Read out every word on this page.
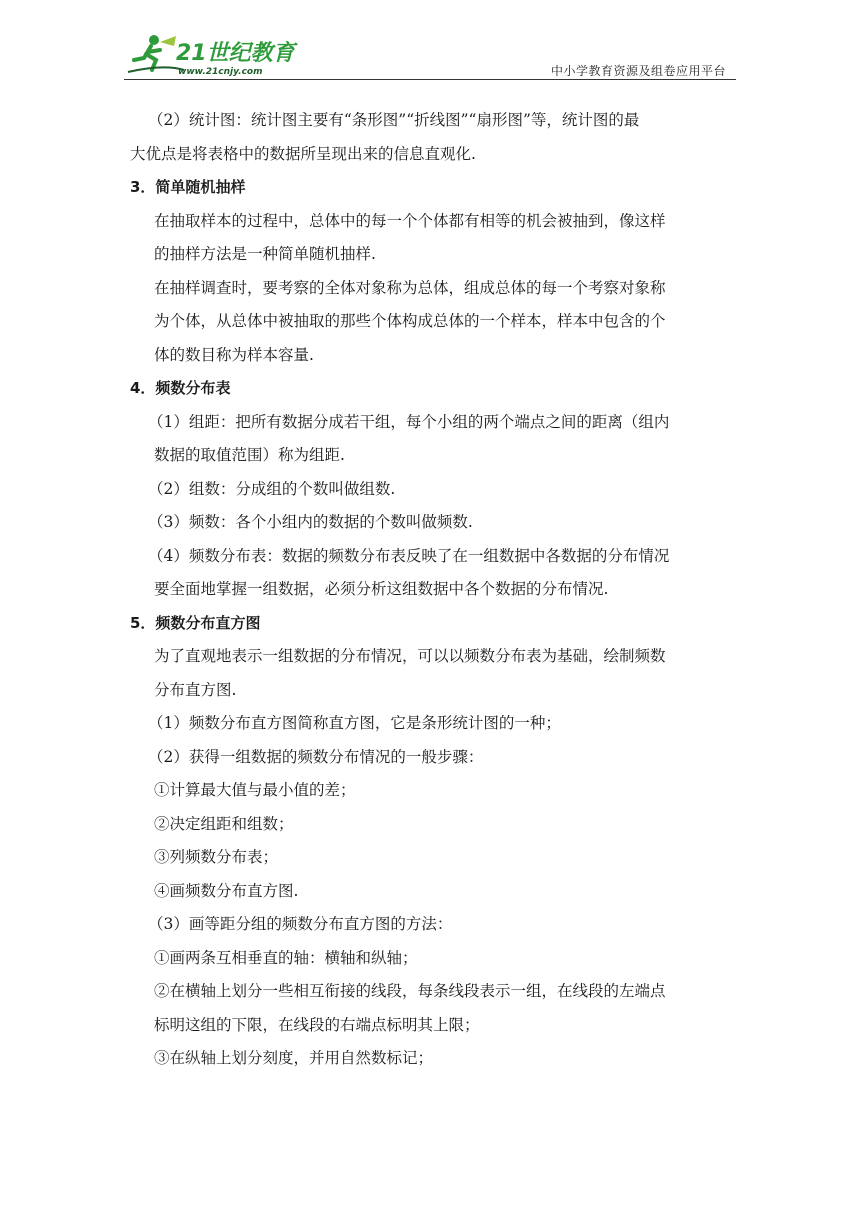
21世纪教育
www.21cnjy.com	中小学教育资源及组卷应用平台
（2）统计图：统计图主要有“条形图”“折线图”“扇形图”等，统计图的最
大优点是将表格中的数据所呈现出来的信息直观化.
3．简单随机抽样
在抽取样本的过程中，总体中的每一个个体都有相等的机会被抽到，像这样
的抽样方法是一种简单随机抽样.
在抽样调查时，要考察的全体对象称为总体，组成总体的每一个考察对象称
为个体，从总体中被抽取的那些个体构成总体的一个样本，样本中包含的个
体的数目称为样本容量.
4．频数分布表
（1）组距：把所有数据分成若干组，每个小组的两个端点之间的距离（组内
数据的取值范围）称为组距.
（2）组数：分成组的个数叫做组数.
（3）频数：各个小组内的数据的个数叫做频数.
（4）频数分布表：数据的频数分布表反映了在一组数据中各数据的分布情况
要全面地掌握一组数据，必须分析这组数据中各个数据的分布情况.
5．频数分布直方图
为了直观地表示一组数据的分布情况，可以以频数分布表为基础，绘制频数
分布直方图.
（1）频数分布直方图简称直方图，它是条形统计图的一种；
（2）获得一组数据的频数分布情况的一般步骤：
①计算最大值与最小值的差；
②决定组距和组数；
③列频数分布表；
④画频数分布直方图.
（3）画等距分组的频数分布直方图的方法：
①画两条互相垂直的轴：横轴和纵轴；
②在横轴上划分一些相互衔接的线段，每条线段表示一组，在线段的左端点
标明这组的下限，在线段的右端点标明其上限；
③在纵轴上划分刻度，并用自然数标记；
